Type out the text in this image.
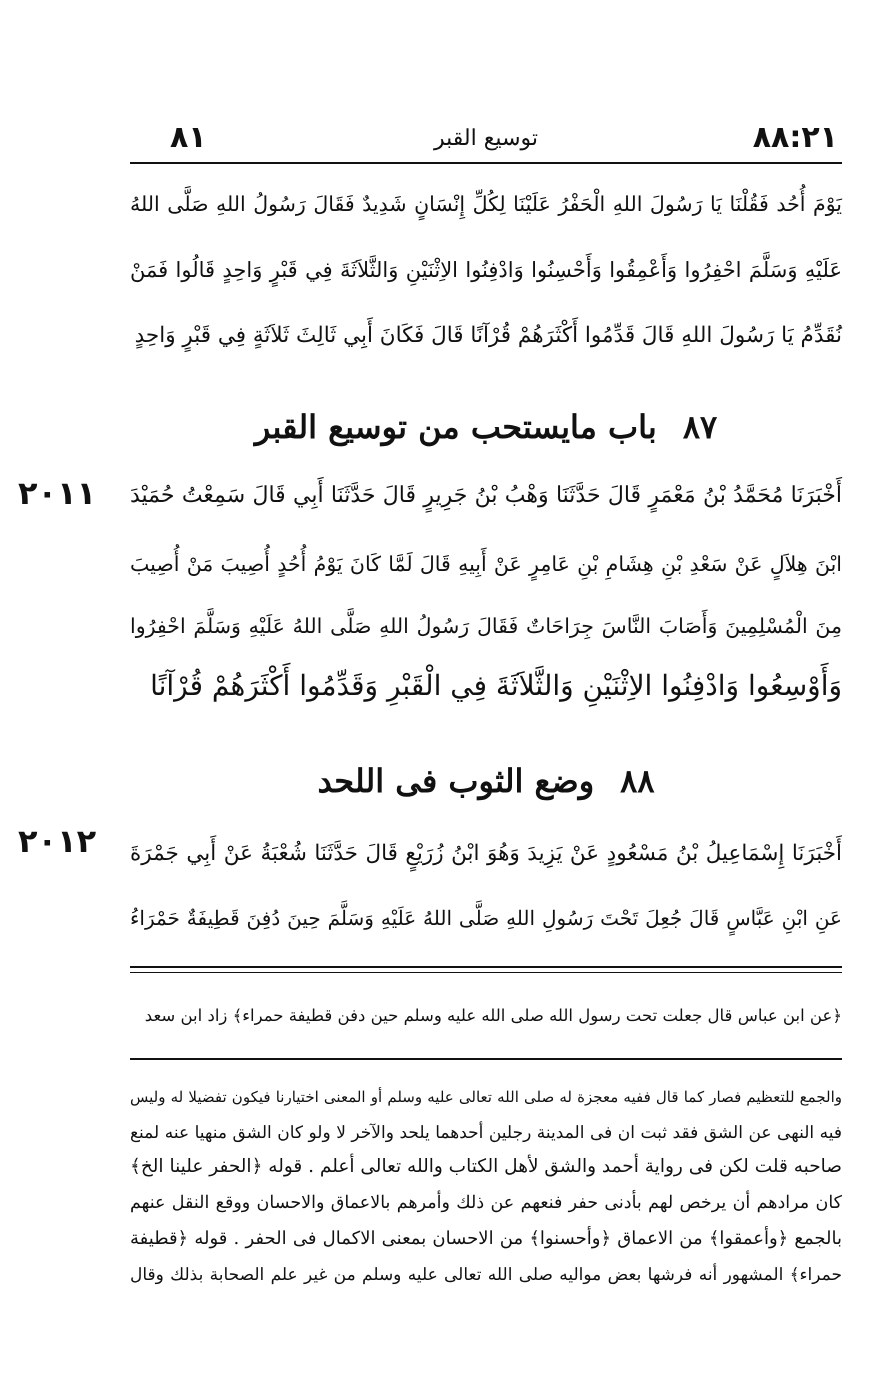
٨١	توسيع القبر	٨٨:٢١
يَوْمَ أُحُد فَقُلْنَا يَا رَسُولَ اللهِ الْحَفْرُ عَلَيْنَا لِكُلِّ إِنْسَانٍ شَدِيدٌ فَقَالَ رَسُولُ اللهِ صَلَّى اللهُ
عَلَيْهِ وَسَلَّمَ احْفِرُوا وَأَعْمِقُوا وَأَحْسِنُوا وَادْفِنُوا الاِثْنَيْنِ وَالثَّلاَثَةَ فِي قَبْرٍ وَاحِدٍ قَالُوا فَمَنْ
نُقَدِّمُ يَا رَسُولَ اللهِ قَالَ قَدِّمُوا أَكْثَرَهُمْ قُرْآنًا قَالَ فَكَانَ أَبِي ثَالِثَ ثَلاَثَةٍ فِي قَبْرٍ وَاحِدٍ
٨٧باب مايستحب من توسيع القبر
٢٠١١ أَخْبَرَنَا مُحَمَّدُ بْنُ مَعْمَرٍ قَالَ حَدَّثَنَا وَهْبُ بْنُ جَرِيرٍ قَالَ حَدَّثَنَا أَبِي قَالَ سَمِعْتُ حُمَيْدَ
ابْنَ هِلاَلٍ عَنْ سَعْدِ بْنِ هِشَامِ بْنِ عَامِرٍ عَنْ أَبِيهِ قَالَ لَمَّا كَانَ يَوْمُ أُحُدٍ أُصِيبَ مَنْ أُصِيبَ
مِنَ الْمُسْلِمِينَ وَأَصَابَ النَّاسَ جِرَاحَاتٌ فَقَالَ رَسُولُ اللهِ صَلَّى اللهُ عَلَيْهِ وَسَلَّمَ احْفِرُوا
وَأَوْسِعُوا وَادْفِنُوا الاِثْنَيْنِ وَالثَّلاَثَةَ فِي الْقَبْرِ وَقَدِّمُوا أَكْثَرَهُمْ قُرْآنًا
٨٨وضع الثوب فى اللحد
٢٠١٢ أَخْبَرَنَا إِسْمَاعِيلُ بْنُ مَسْعُودٍ عَنْ يَزِيدَ وَهُوَ ابْنُ زُرَيْعٍ قَالَ حَدَّثَنَا شُعْبَةُ عَنْ أَبِي جَمْرَةَ
عَنِ ابْنِ عَبَّاسٍ قَالَ جُعِلَ تَحْتَ رَسُولِ اللهِ صَلَّى اللهُ عَلَيْهِ وَسَلَّمَ حِينَ دُفِنَ قَطِيفَةٌ حَمْرَاءُ
﴿عن ابن عباس قال جعلت تحت رسول الله صلى الله عليه وسلم حين دفن قطيفة حمراء﴾ زاد ابن سعد
والجمع للتعظيم فصار كما قال ففيه معجزة له صلى الله تعالى عليه وسلم أو المعنى اختيارنا فيكون تفضيلا له وليس
فيه النهى عن الشق فقد ثبت ان فى المدينة رجلين أحدهما يلحد والآخر لا ولو كان الشق منهيا عنه لمنع
صاحبه قلت لكن فى رواية أحمد والشق لأهل الكتاب والله تعالى أعلم . قوله ﴿الحفر علينا الخ﴾
كان مرادهم أن يرخص لهم بأدنى حفر فنعهم عن ذلك وأمرهم بالاعماق والاحسان ووقع النقل عنهم
بالجمع ﴿وأعمقوا﴾ من الاعماق ﴿وأحسنوا﴾ من الاحسان بمعنى الاكمال فى الحفر . قوله ﴿قطيفة
حمراء﴾ المشهور أنه فرشها بعض مواليه صلى الله تعالى عليه وسلم من غير علم الصحابة بذلك وقال
